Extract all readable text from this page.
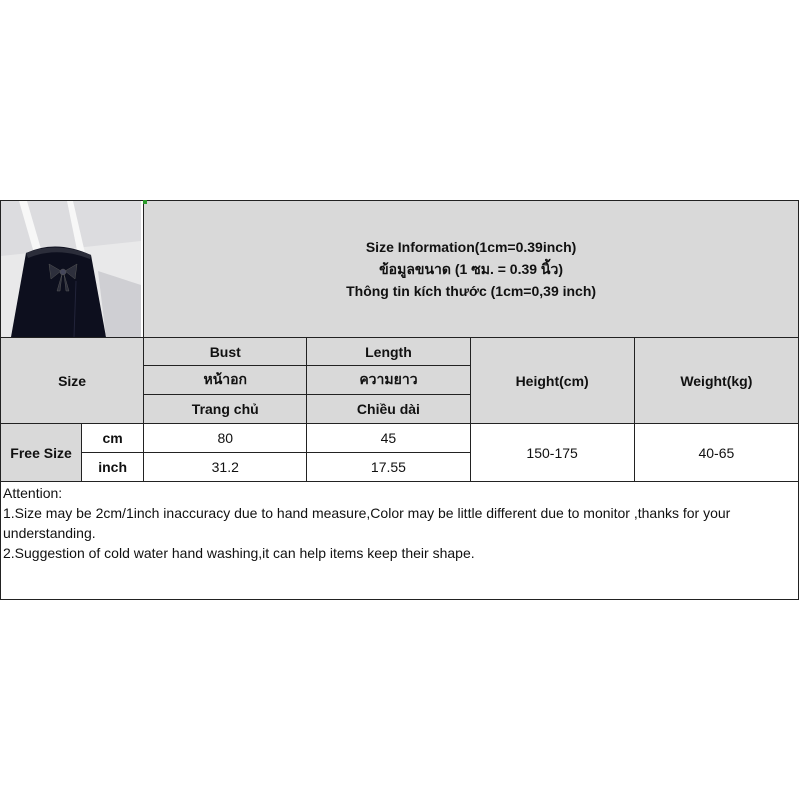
Size Information(1cm=0.39inch)
ข้อมูลขนาด (1 ซม. = 0.39 นิ้ว)
Thông tin kích thước (1cm=0,39 inch)			

Size		Bust	Length	Height(cm)	Weight(kg)
		หน้าอก	ความยาว		
		Trang chủ	Chiều dài		
Free Size	cm	80	45	150-175	40-65
	inch	31.2	17.55		
Attention:
1.Size may be 2cm/1inch inaccuracy due to hand measure,Color may be little different due to monitor ,thanks for your understanding.
2.Suggestion of cold water hand washing,it can help items keep their shape.
